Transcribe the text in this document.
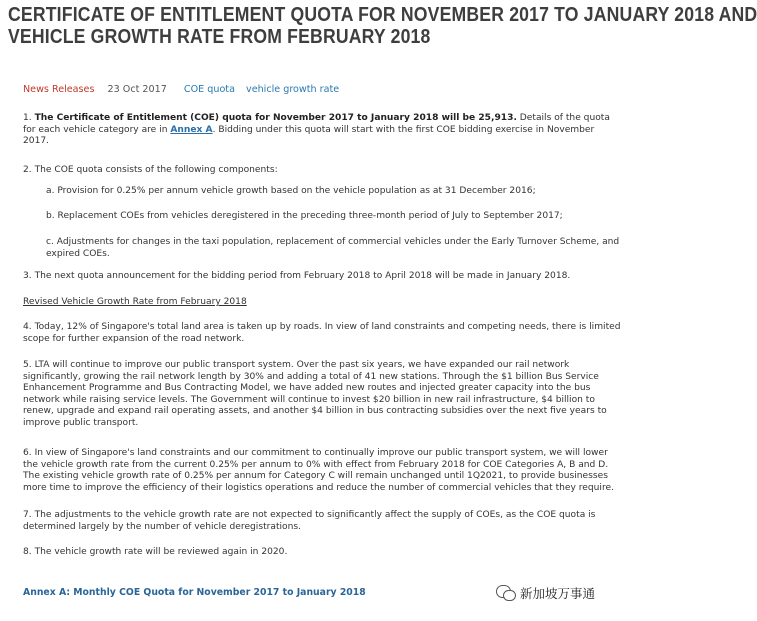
CERTIFICATE OF ENTITLEMENT QUOTA FOR NOVEMBER 2017 TO JANUARY 2018 AND
VEHICLE GROWTH RATE FROM FEBRUARY 2018
News Releases 23 Oct 2017 COE quota vehicle growth rate
1. The Certificate of Entitlement (COE) quota for November 2017 to January 2018 will be 25,913. Details of the quota for each vehicle category are in Annex A. Bidding under this quota will start with the first COE bidding exercise in November 2017.
2. The COE quota consists of the following components:
a. Provision for 0.25% per annum vehicle growth based on the vehicle population as at 31 December 2016;
b. Replacement COEs from vehicles deregistered in the preceding three-month period of July to September 2017;
c. Adjustments for changes in the taxi population, replacement of commercial vehicles under the Early Turnover Scheme, and expired COEs.
3. The next quota announcement for the bidding period from February 2018 to April 2018 will be made in January 2018.
Revised Vehicle Growth Rate from February 2018
4. Today, 12% of Singapore's total land area is taken up by roads. In view of land constraints and competing needs, there is limited scope for further expansion of the road network.
5. LTA will continue to improve our public transport system. Over the past six years, we have expanded our rail network significantly, growing the rail network length by 30% and adding a total of 41 new stations. Through the $1 billion Bus Service Enhancement Programme and Bus Contracting Model, we have added new routes and injected greater capacity into the bus network while raising service levels. The Government will continue to invest $20 billion in new rail infrastructure, $4 billion to renew, upgrade and expand rail operating assets, and another $4 billion in bus contracting subsidies over the next five years to improve public transport.
6. In view of Singapore's land constraints and our commitment to continually improve our public transport system, we will lower the vehicle growth rate from the current 0.25% per annum to 0% with effect from February 2018 for COE Categories A, B and D. The existing vehicle growth rate of 0.25% per annum for Category C will remain unchanged until 1Q2021, to provide businesses more time to improve the efficiency of their logistics operations and reduce the number of commercial vehicles that they require.
7. The adjustments to the vehicle growth rate are not expected to significantly affect the supply of COEs, as the COE quota is determined largely by the number of vehicle deregistrations.
8. The vehicle growth rate will be reviewed again in 2020.
Annex A: Monthly COE Quota for November 2017 to January 2018	新加坡万事通
